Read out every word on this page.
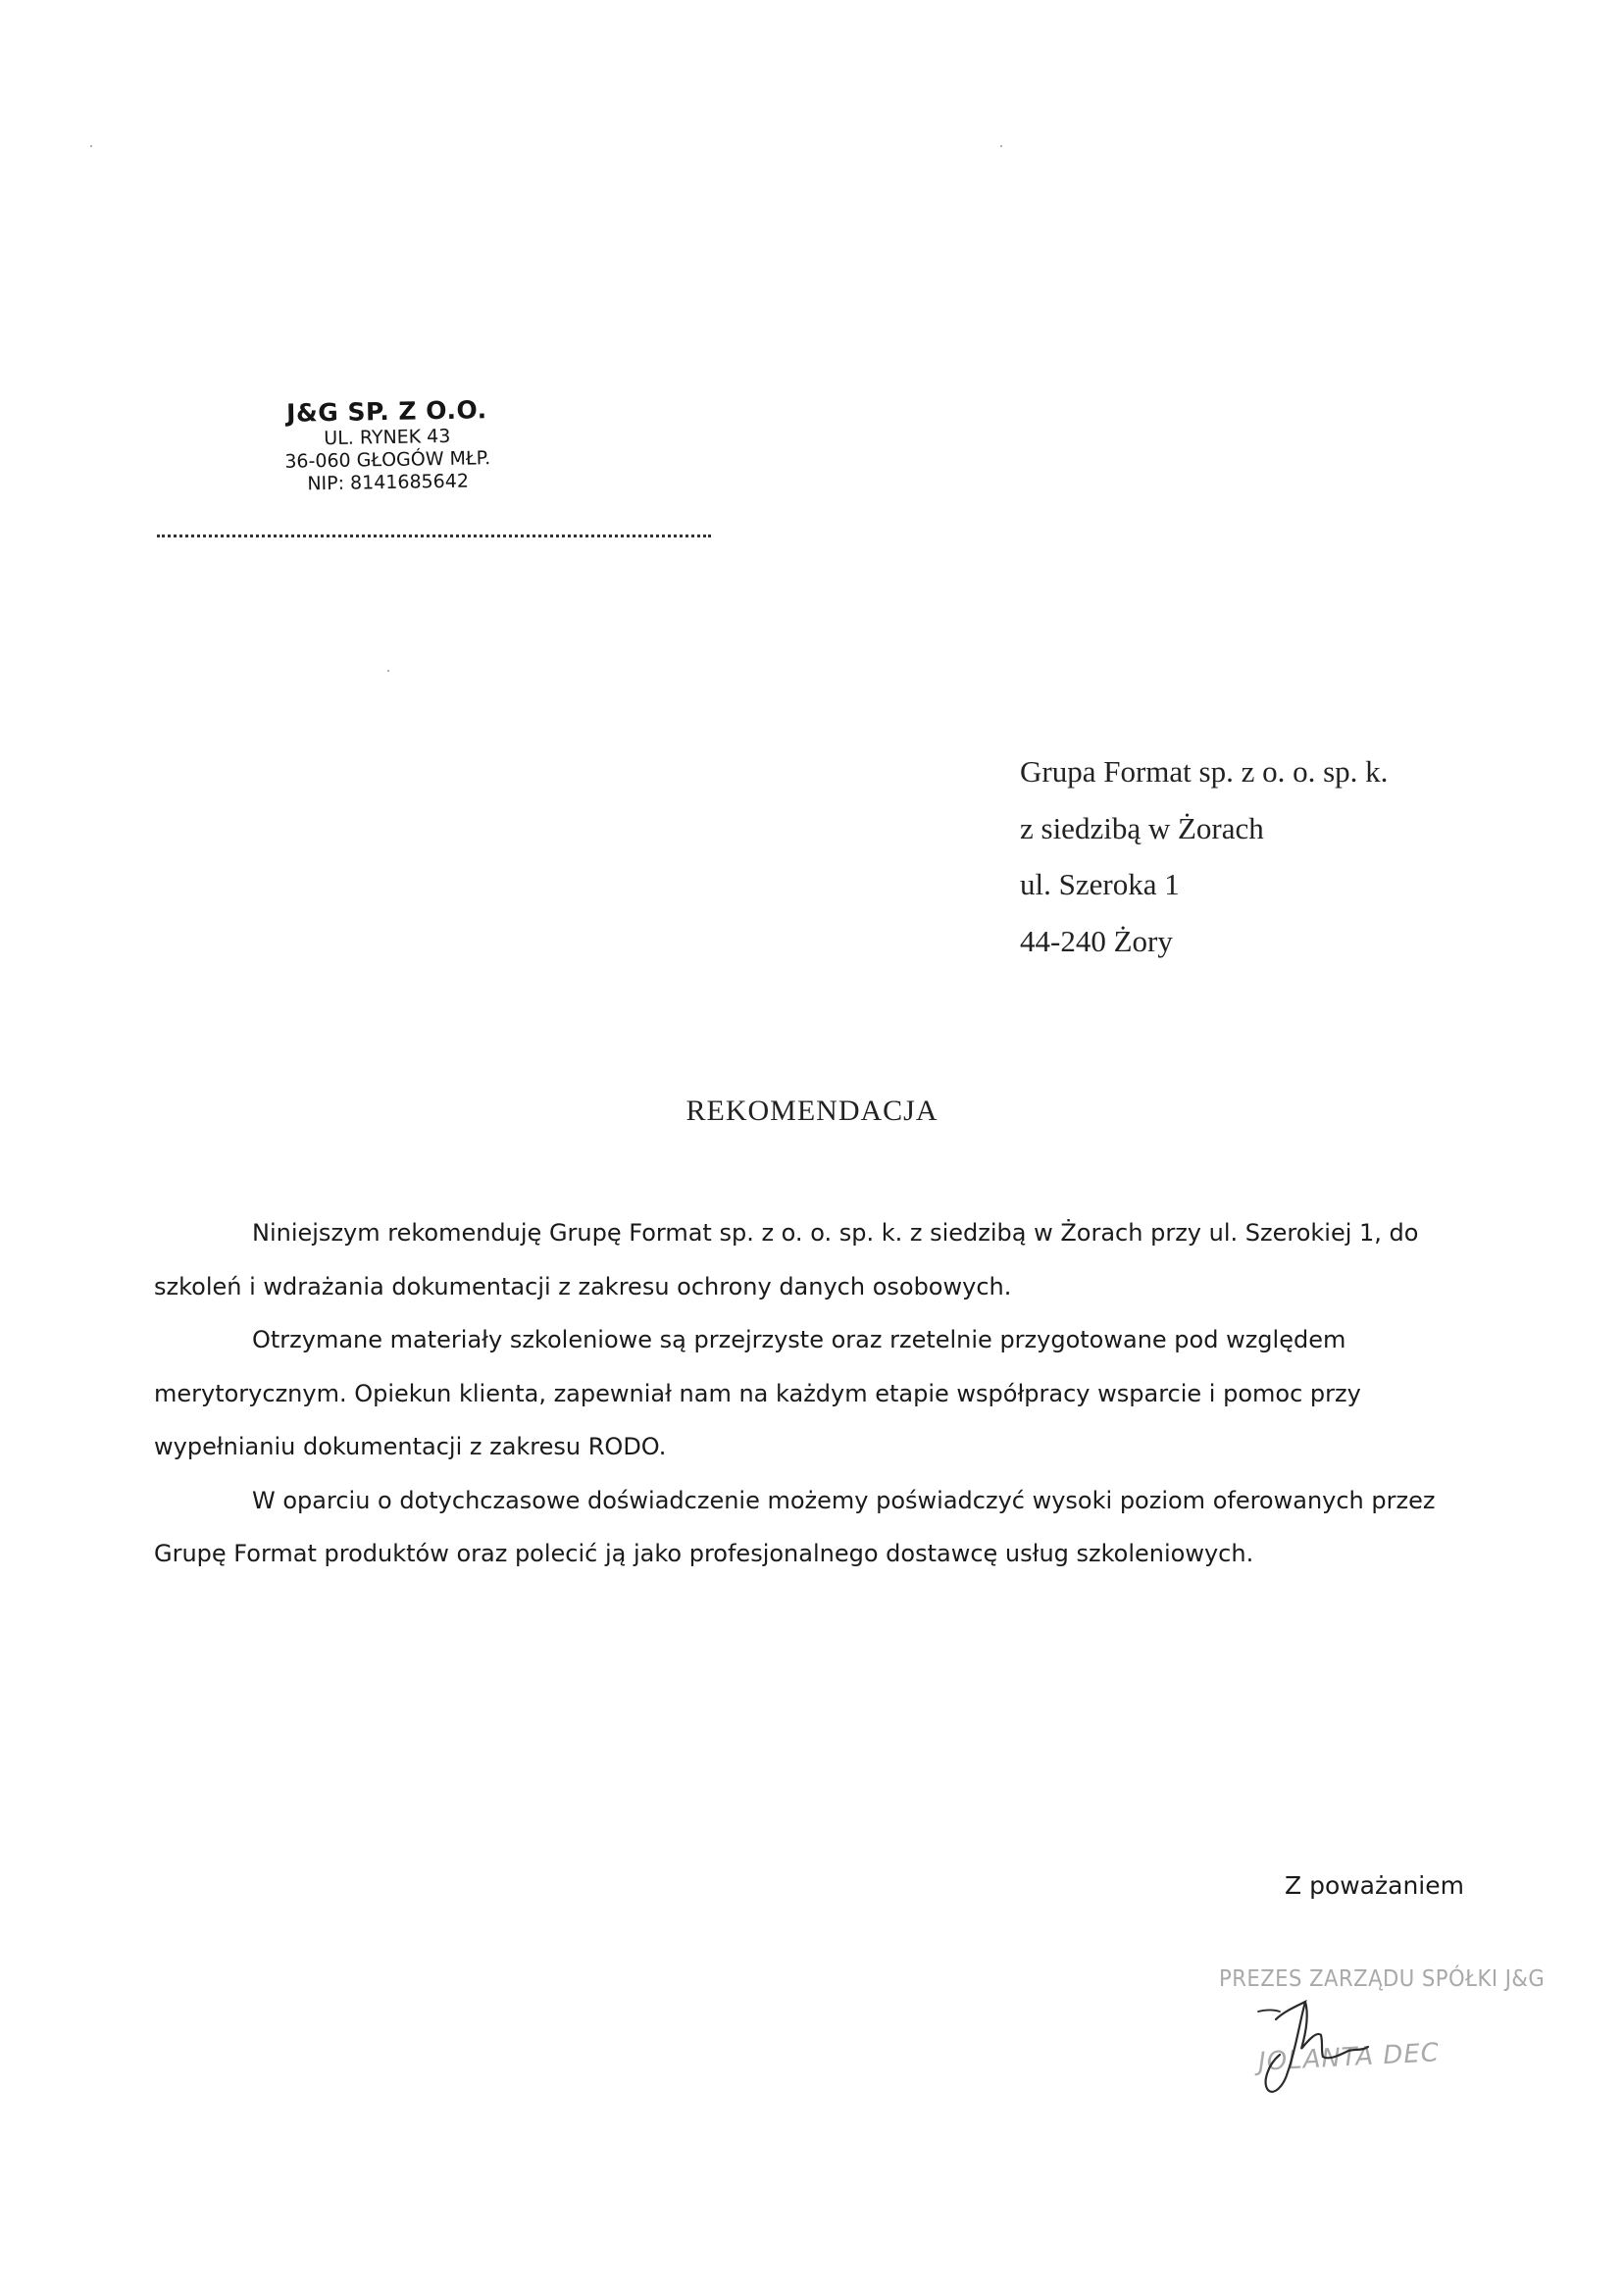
J&G SP. Z O.O.
UL. RYNEK 43
36-060 GŁOGÓW MŁP.
NIP: 8141685642
Grupa Format sp. z o. o. sp. k.
z siedzibą w Żorach
ul. Szeroka 1
44-240 Żory
REKOMENDACJA

Niniejszym rekomenduję Grupę Format sp. z o. o. sp. k. z siedzibą w Żorach przy ul. Szerokiej 1, do

szkoleń i wdrażania dokumentacji z zakresu ochrony danych osobowych.

Otrzymane materiały szkoleniowe są przejrzyste oraz rzetelnie przygotowane pod względem

merytorycznym. Opiekun klienta, zapewniał nam na każdym etapie współpracy wsparcie i pomoc przy

wypełnianiu dokumentacji z zakresu RODO.

W oparciu o dotychczasowe doświadczenie możemy poświadczyć wysoki poziom oferowanych przez

Grupę Format produktów oraz polecić ją jako profesjonalnego dostawcę usług szkoleniowych.

Z poważaniem
PREZES ZARZĄDU SPÓŁKI J&G
JOLANTA DEC
